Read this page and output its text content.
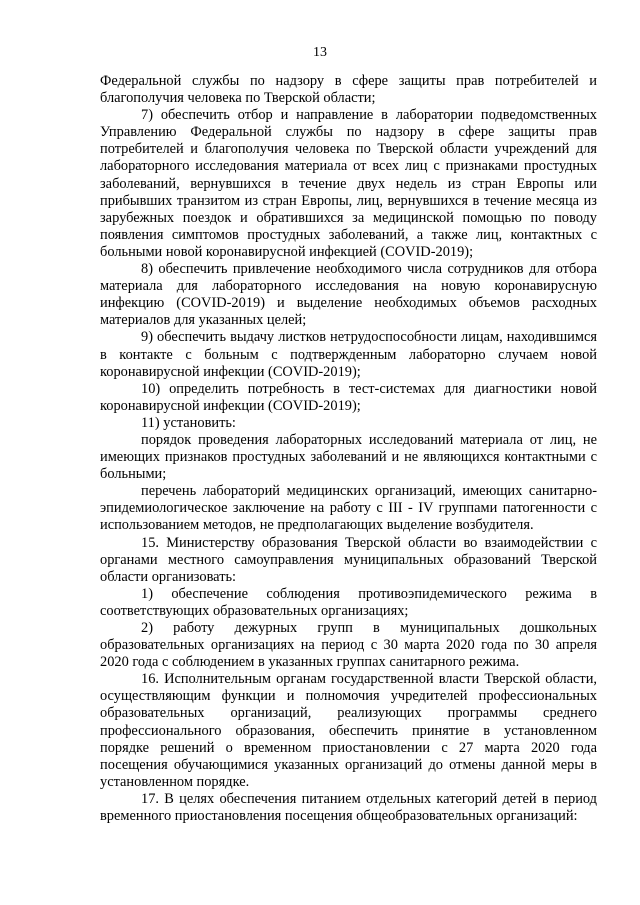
13

Федеральной службы по надзору в сфере защиты прав потребителей и благополучия человека по Тверской области;

7) обеспечить отбор и направление в лаборатории подведомственных Управлению Федеральной службы по надзору в сфере защиты прав потребителей и благополучия человека по Тверской области учреждений для лабораторного исследования материала от всех лиц с признаками простудных заболеваний, вернувшихся в течение двух недель из стран Европы или прибывших транзитом из стран Европы, лиц, вернувшихся в течение месяца из зарубежных поездок и обратившихся за медицинской помощью по поводу появления симптомов простудных заболеваний, а также лиц, контактных с больными новой коронавирусной инфекцией (COVID-2019);

8) обеспечить привлечение необходимого числа сотрудников для отбора материала для лабораторного исследования на новую коронавирусную инфекцию (COVID-2019) и выделение необходимых объемов расходных материалов для указанных целей;

9) обеспечить выдачу листков нетрудоспособности лицам, находившимся в контакте с больным с подтвержденным лабораторно случаем новой коронавирусной инфекции (COVID-2019);

10) определить потребность в тест-системах для диагностики новой коронавирусной инфекции (COVID-2019);

11) установить:

порядок проведения лабораторных исследований материала от лиц, не имеющих признаков простудных заболеваний и не являющихся контактными с больными;

перечень лабораторий медицинских организаций, имеющих санитарно-эпидемиологическое заключение на работу с III - IV группами патогенности с использованием методов, не предполагающих выделение возбудителя.

15. Министерству образования Тверской области во взаимодействии с органами местного самоуправления муниципальных образований Тверской области организовать:

1) обеспечение соблюдения противоэпидемического режима в соответствующих образовательных организациях;

2) работу дежурных групп в муниципальных дошкольных образовательных организациях на период с 30 марта 2020 года по 30 апреля 2020 года с соблюдением в указанных группах санитарного режима.

16. Исполнительным органам государственной власти Тверской области, осуществляющим функции и полномочия учредителей профессиональных образовательных организаций, реализующих программы среднего профессионального образования, обеспечить принятие в установленном порядке решений о временном приостановлении с 27 марта 2020 года посещения обучающимися указанных организаций до отмены данной меры в установленном порядке.

17. В целях обеспечения питанием отдельных категорий детей в период временного приостановления посещения общеобразовательных организаций:
